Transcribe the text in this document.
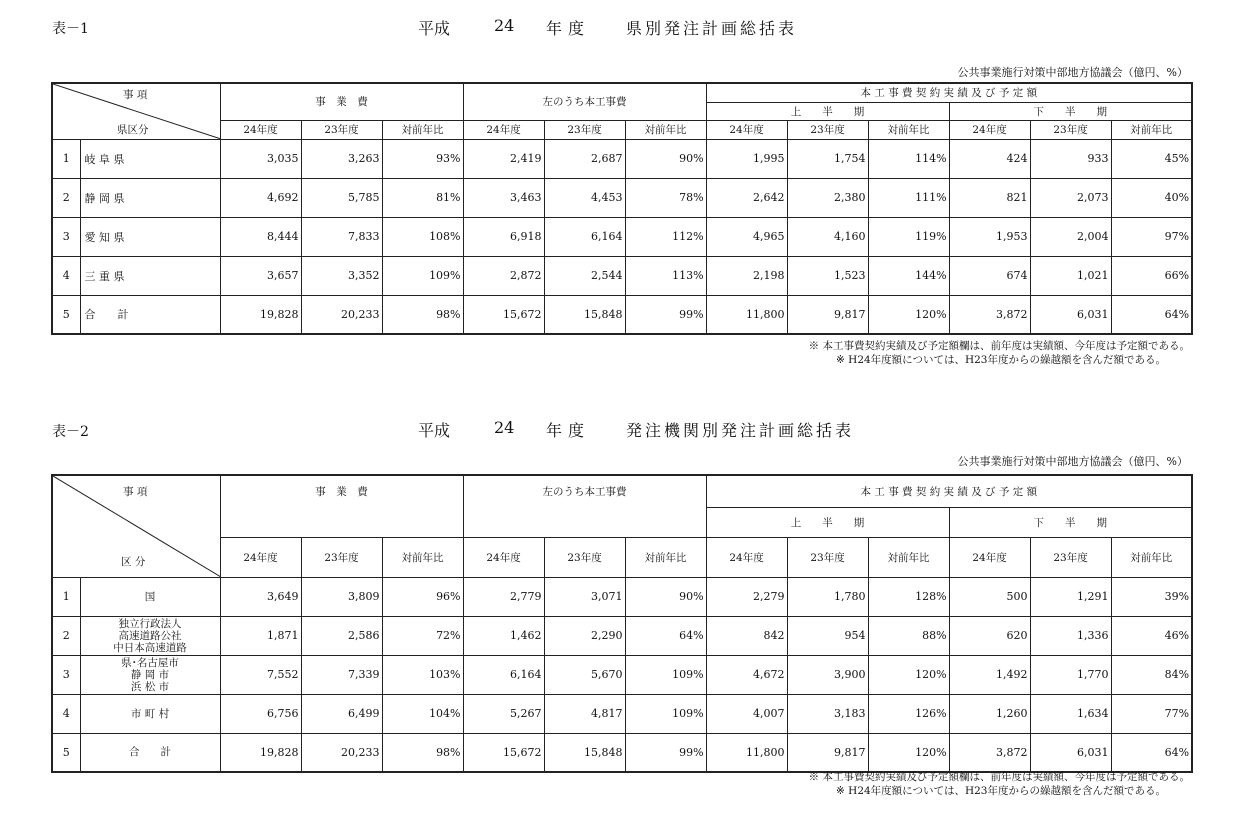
表－1	平成	24 年度 県別発注計画総括表
公共事業施行対策中部地方協議会（億円、%）
事 項
県区分		事　業　費			左のうち本工事費			本 工 事 費 契 約 実 績 及 び 予 定 額					
								上　　半　　期			下　　半　　期		
		24年度	23年度	対前年比	24年度	23年度	対前年比	24年度	23年度	対前年比	24年度	23年度	対前年比
1	岐 阜 県	3,035	3,263	93%	2,419	2,687	90%	1,995	1,754	114%	424	933	45%
2	静 岡 県	4,692	5,785	81%	3,463	4,453	78%	2,642	2,380	111%	821	2,073	40%
3	愛 知 県	8,444	7,833	108%	6,918	6,164	112%	4,965	4,160	119%	1,953	2,004	97%
4	三 重 県	3,657	3,352	109%	2,872	2,544	113%	2,198	1,523	144%	674	1,021	66%
5	合　　計	19,828	20,233	98%	15,672	15,848	99%	11,800	9,817	120%	3,872	6,031	64%
※ 本工事費契約実績及び予定額欄は、前年度は実績額、今年度は予定額である。
※ H24年度額については、H23年度からの繰越額を含んだ額である。
表－2	平成	24 年度 発注機関別発注計画総括表
公共事業施行対策中部地方協議会（億円、%）
事 項
区 分		事　業　費			左のうち本工事費			本 工 事 費 契 約 実 績 及 び 予 定 額					
								上　　半　　期			下　　半　　期		
		24年度	23年度	対前年比	24年度	23年度	対前年比	24年度	23年度	対前年比	24年度	23年度	対前年比
1	国	3,649	3,809	96%	2,779	3,071	90%	2,279	1,780	128%	500	1,291	39%
2	独立行政法人
高速道路公社
中日本高速道路	1,871	2,586	72%	1,462	2,290	64%	842	954	88%	620	1,336	46%
3	県･名古屋市
静 岡 市
浜 松 市	7,552	7,339	103%	6,164	5,670	109%	4,672	3,900	120%	1,492	1,770	84%
4	市 町 村	6,756	6,499	104%	5,267	4,817	109%	4,007	3,183	126%	1,260	1,634	77%
5	合　　計	19,828	20,233	98%	15,672	15,848	99%	11,800	9,817	120%	3,872	6,031	64%
※ 本工事費契約実績及び予定額欄は、前年度は実績額、今年度は予定額である。
※ H24年度額については、H23年度からの繰越額を含んだ額である。
